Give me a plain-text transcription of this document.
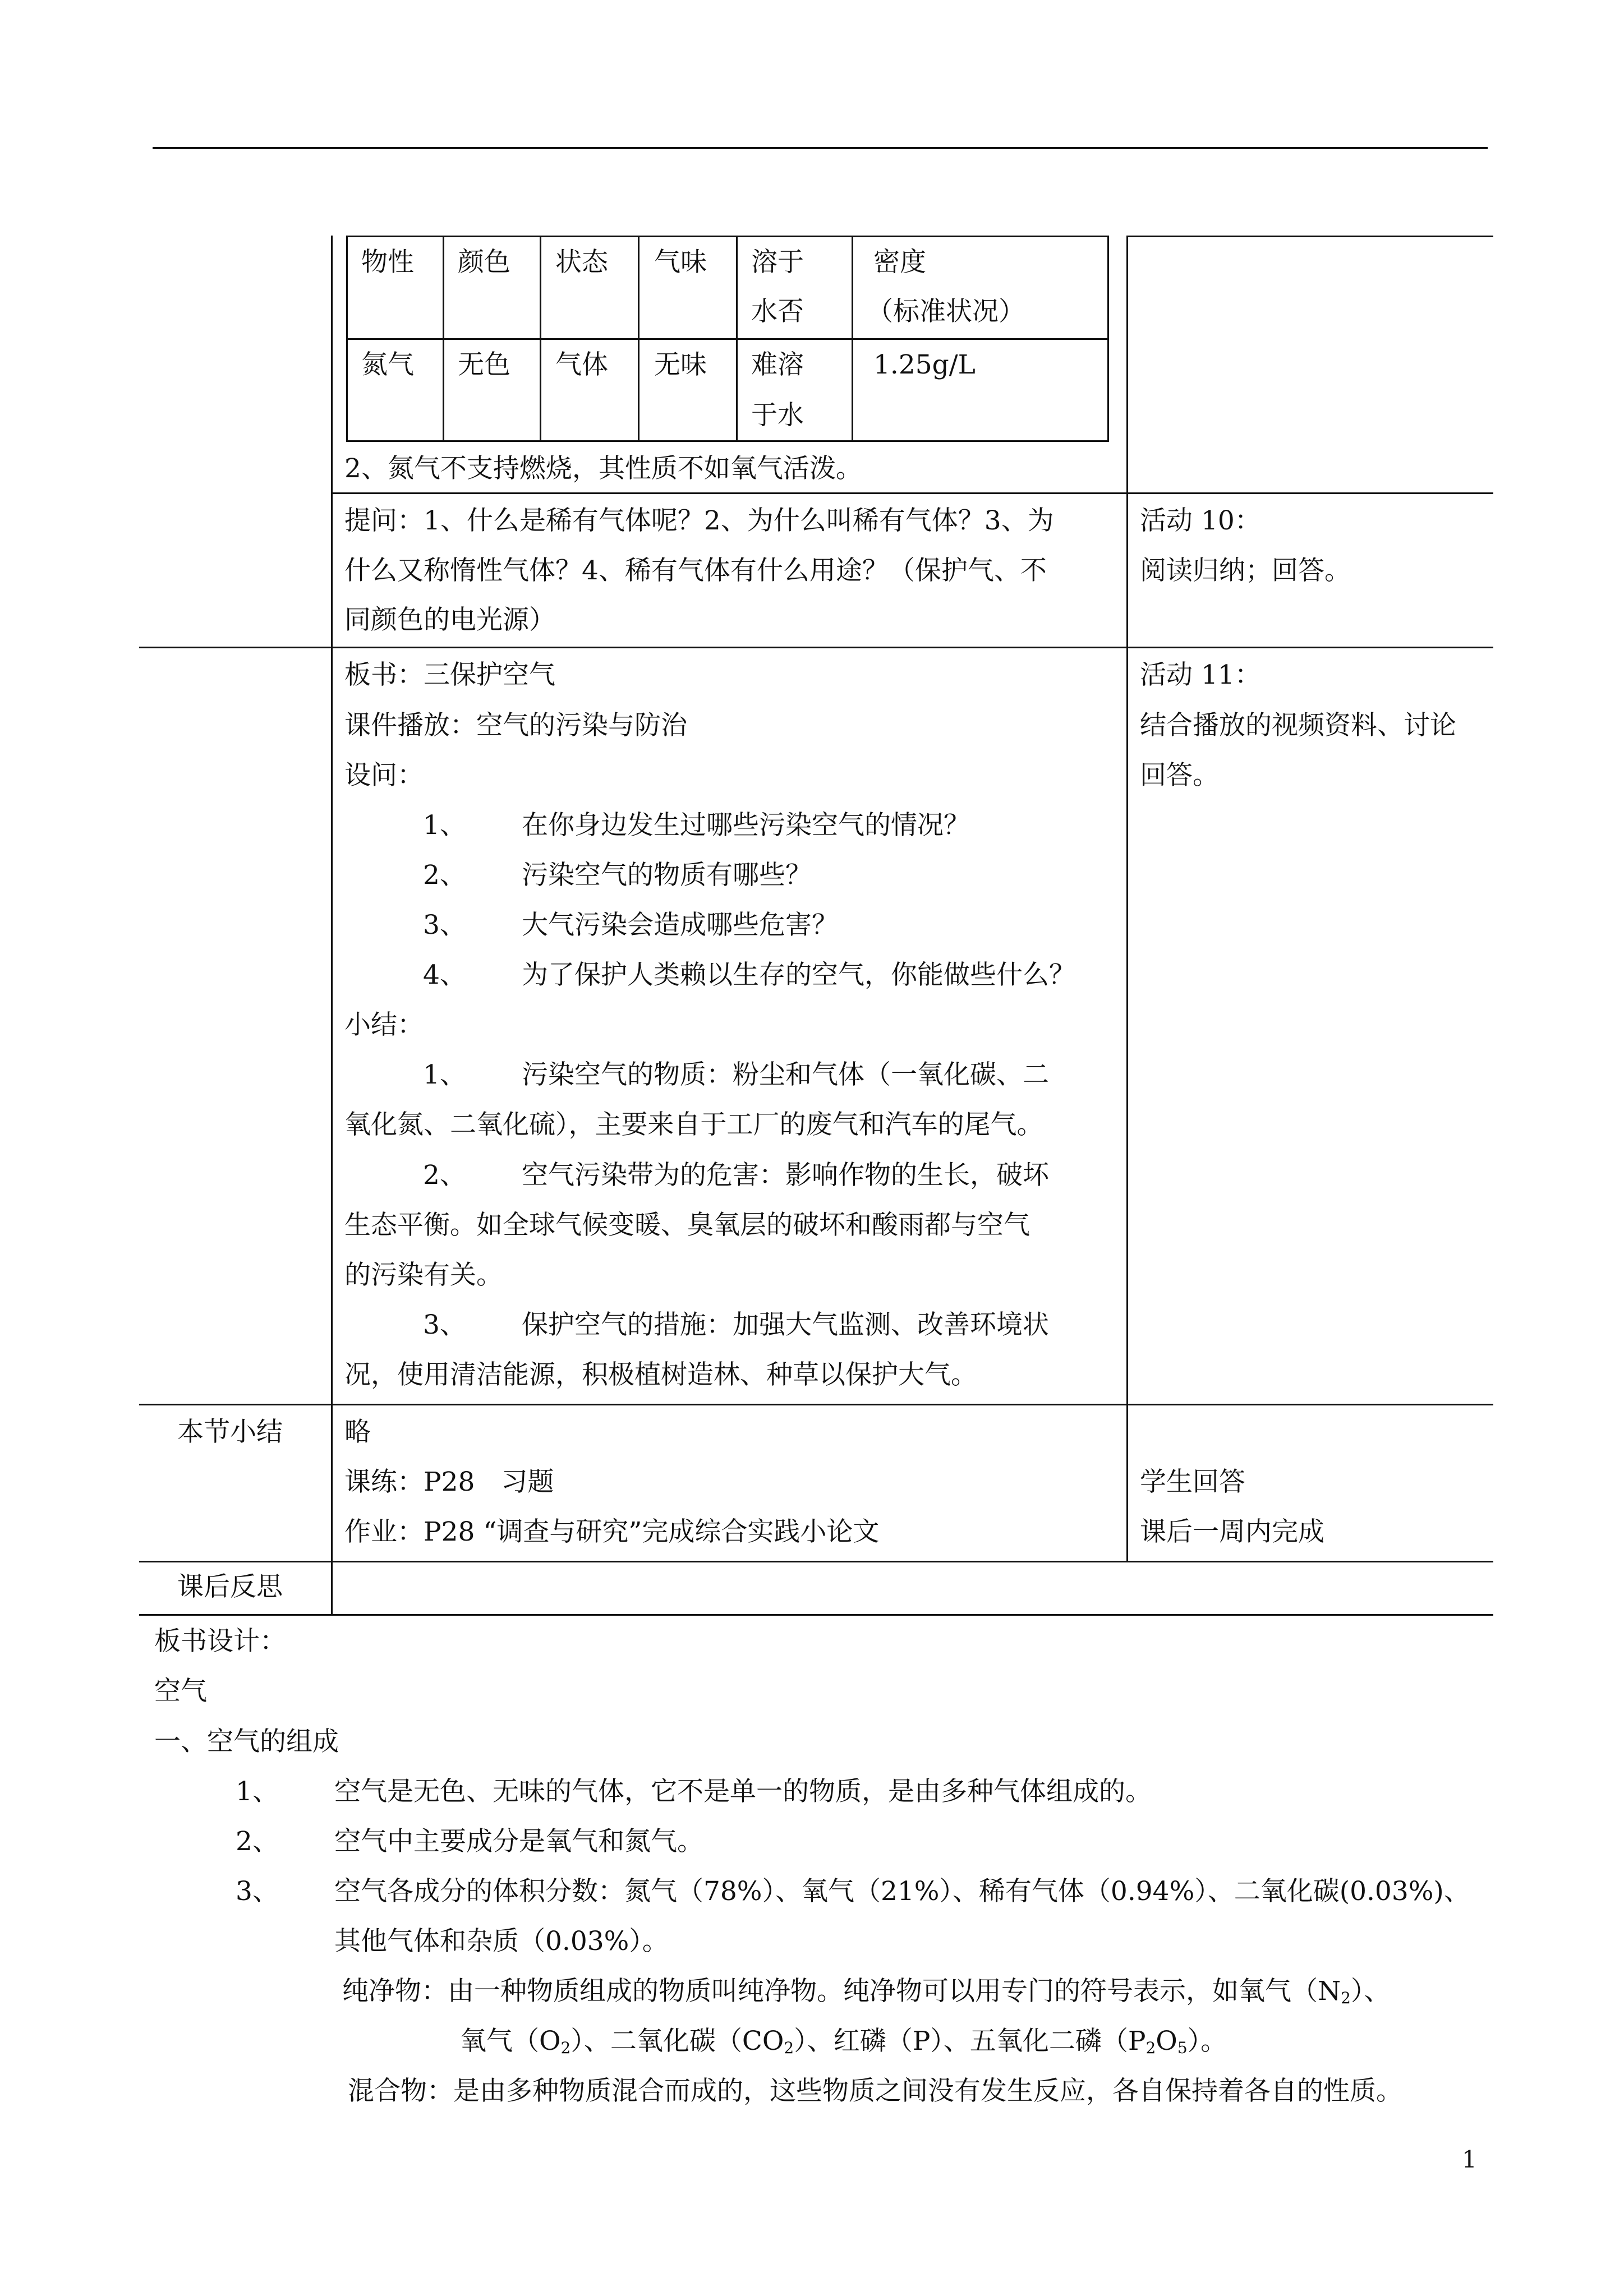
物性 颜色 状态 气味 溶于
水否
密度
（标准状况）
氮气 无色 气体 无味 难溶
于水
1.25g/L
2、氮气不支持燃烧，其性质不如氧气活泼。
提问：1、什么是稀有气体呢？2、为什么叫稀有气体？3、为
什么又称惰性气体？4、稀有气体有什么用途？（保护气、不
同颜色的电光源）
活动 10：
阅读归纳；回答。
板书：三保护空气
课件播放：空气的污染与防治
设问：
1、 在你身边发生过哪些污染空气的情况？
2、 污染空气的物质有哪些？
3、 大气污染会造成哪些危害？
4、 为了保护人类赖以生存的空气，你能做些什么？
小结：
1、 污染空气的物质：粉尘和气体（一氧化碳、二
氧化氮、二氧化硫），主要来自于工厂的废气和汽车的尾气。
2、 空气污染带为的危害：影响作物的生长，破坏
生态平衡。如全球气候变暖、臭氧层的破坏和酸雨都与空气
的污染有关。
3、 保护空气的措施：加强大气监测、改善环境状
况，使用清洁能源，积极植树造林、种草以保护大气。
活动 11：
结合播放的视频资料、讨论
回答。
本节小结 略
课练：P28　习题
作业：P28 “调查与研究”完成综合实践小论文
学生回答
课后一周内完成
课后反思
板书设计：
空气
一、空气的组成
1、 空气是无色、无味的气体，它不是单一的物质，是由多种气体组成的。
2、 空气中主要成分是氧气和氮气。
3、 空气各成分的体积分数：氮气（78%）、氧气（21%）、稀有气体（0.94%）、二氧化碳(0.03%)、
其他气体和杂质（0.03%）。
纯净物：由一种物质组成的物质叫纯净物。纯净物可以用专门的符号表示，如氧气$(N_2)$、
氧气$(O_2)$、二氧化碳$(CO_2)$、红磷（P）、五氧化二磷$(P_2O_5)$。
混合物：是由多种物质混合而成的，这些物质之间没有发生反应，各自保持着各自的性质。
1
